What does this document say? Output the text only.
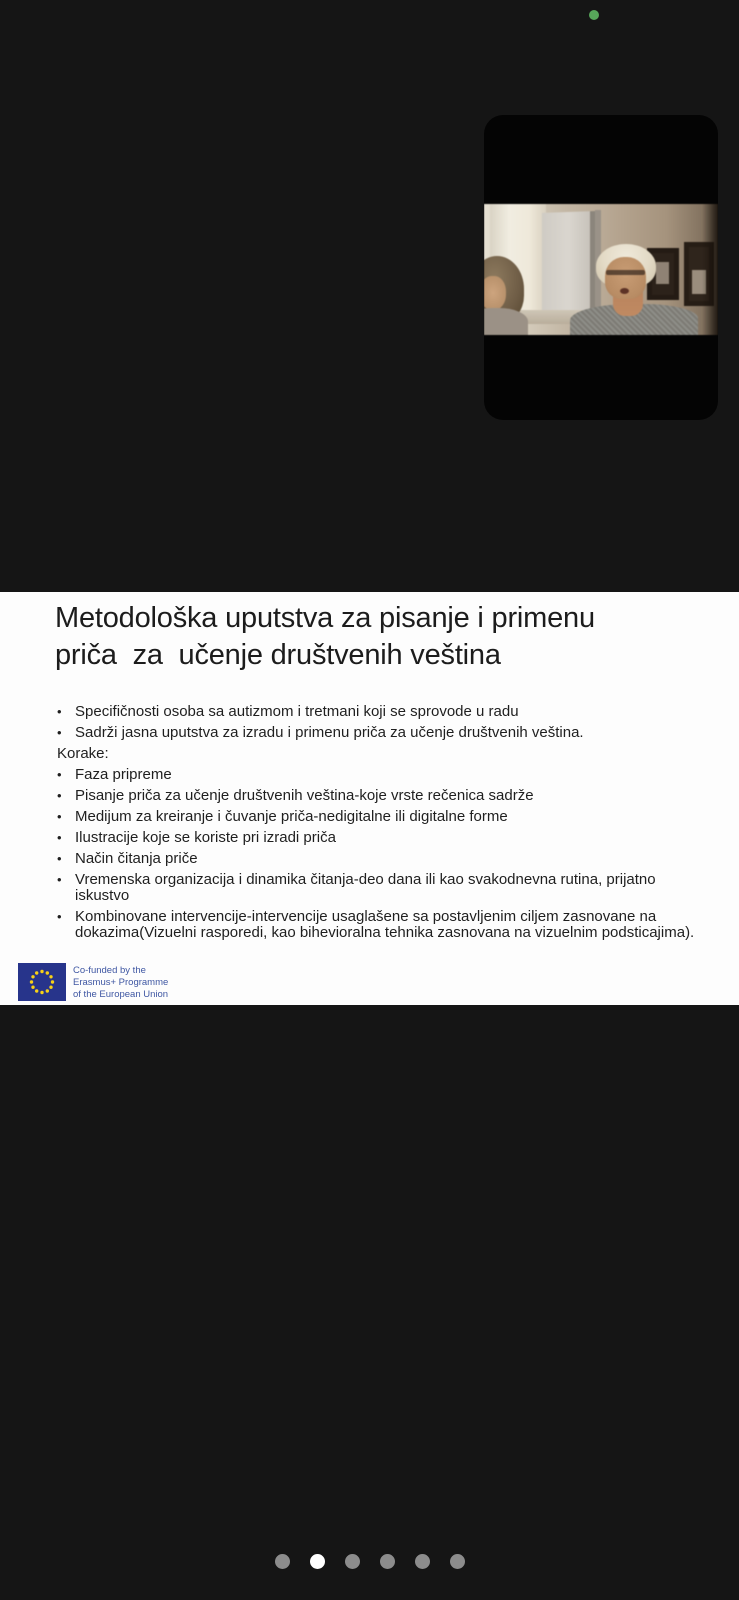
Metodološka uputstva za pisanje i primenu
priča  za  učenje društvenih veština
• Specifičnosti osoba sa autizmom i tretmani koji se sprovode u radu
• Sadrži jasna uputstva za izradu i primenu priča za učenje društvenih veština.
Korake:
• Faza pripreme
• Pisanje priča za učenje društvenih veština-koje vrste rečenica sadrže
• Medijum za kreiranje i čuvanje priča-nedigitalne ili digitalne forme
• Ilustracije koje se koriste pri izradi priča
• Način čitanja priče
• Vremenska organizacija i dinamika čitanja-deo dana ili kao svakodnevna rutina, prijatno iskustvo
• Kombinovane intervencije-intervencije usaglašene sa postavljenim ciljem zasnovane na dokazima(Vizuelni rasporedi, kao bihevioralna tehnika zasnovana na vizuelnim podsticajima).
Co-funded by the
Erasmus+ Programme
of the European Union
